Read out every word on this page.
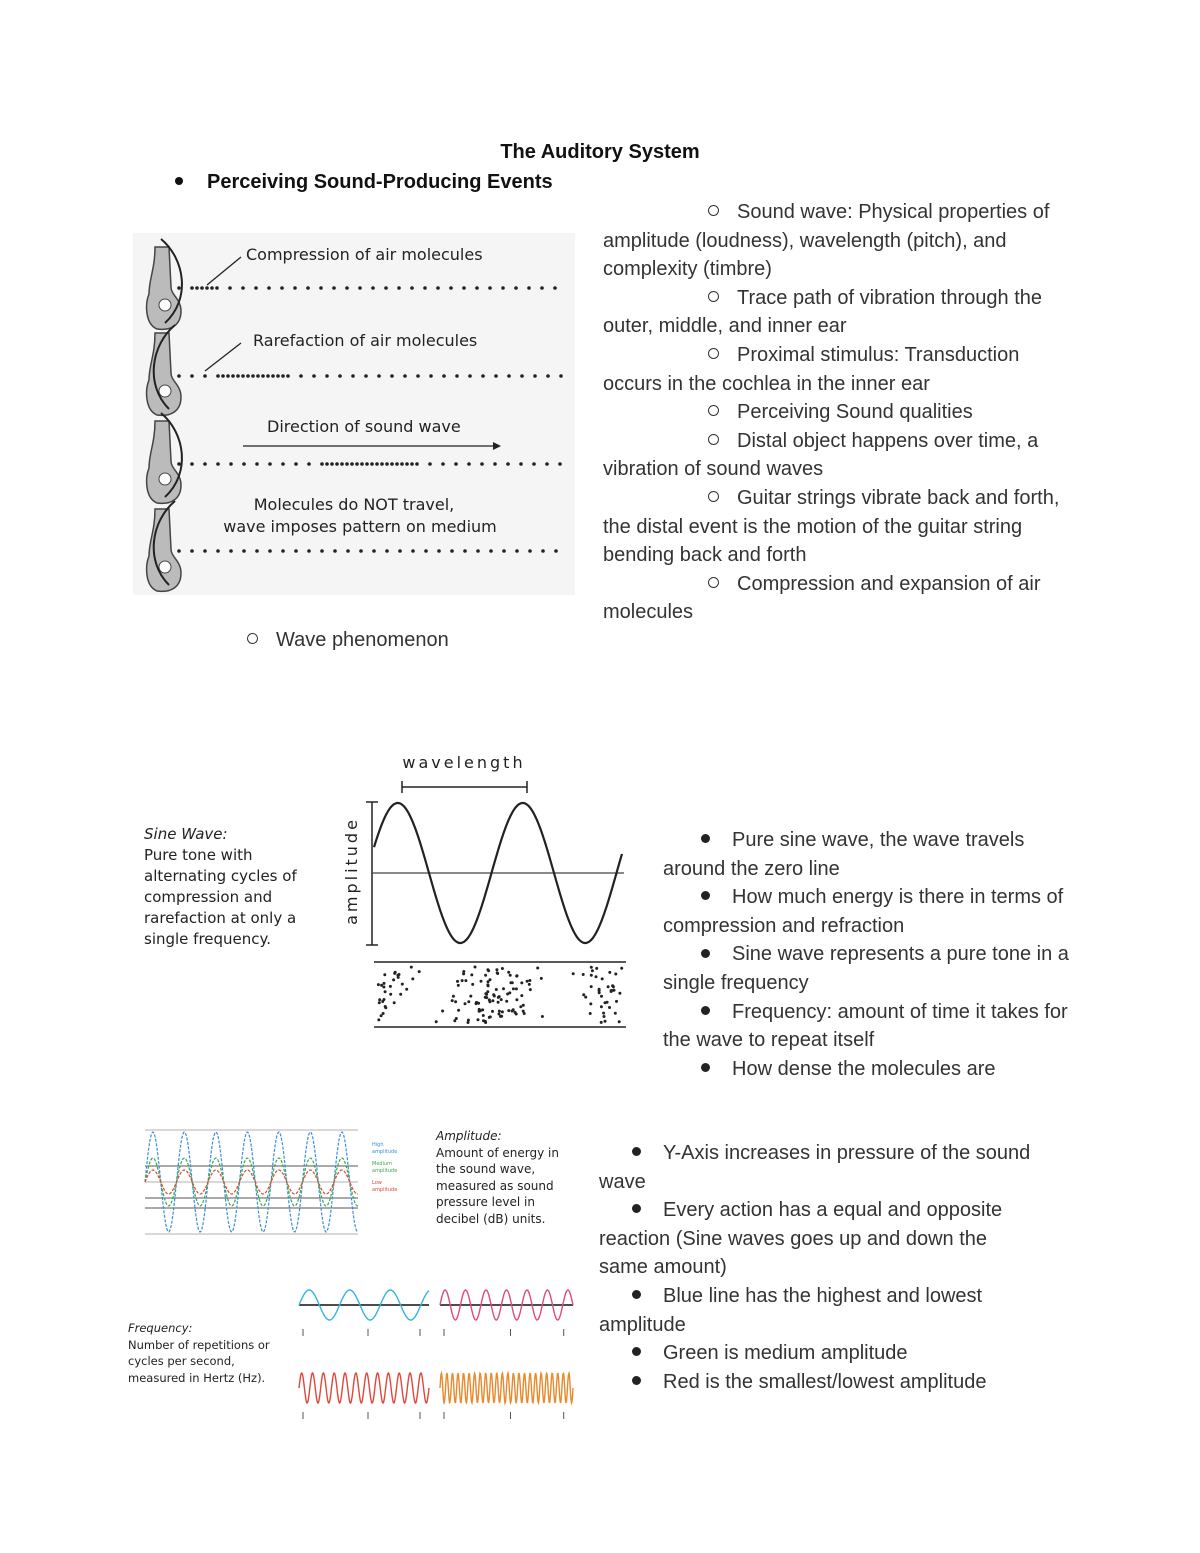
The Auditory System
Perceiving Sound-Producing Events
Compression of air molecules
Rarefaction of air molecules
Direction of sound wave
Molecules do NOT travel,
wave imposes pattern on medium
Sound wave: Physical properties of amplitude (loudness), wavelength (pitch), and complexity (timbre)
Trace path of vibration through the outer, middle, and inner ear
Proximal stimulus: Transduction occurs in the cochlea in the inner ear
Perceiving Sound qualities
Distal object happens over time, a vibration of sound waves
Guitar strings vibrate back and forth, the distal event is the motion of the guitar string bending back and forth
Compression and expansion of air molecules
Wave phenomenon
Sine Wave:
Pure tone with
alternating cycles of
compression and
rarefaction at only a
single frequency.
wavelength
amplitude	Pure sine wave, the wave travels around the zero line
How much energy is there in terms of compression and refraction
Sine wave represents a pure tone in a single frequency
Frequency: amount of time it takes for the wave to repeat itself
How dense the molecules are
High amplitude
Medium amplitude
Low amplitude
Amplitude:
Amount of energy in
the sound wave,
measured as sound
pressure level in
decibel (dB) units.
Frequency:
Number of repetitions or
cycles per second,
measured in Hertz (Hz).
Y-Axis increases in pressure of the sound wave
Every action has a equal and opposite reaction (Sine waves goes up and down the same amount)
Blue line has the highest and lowest amplitude
Green is medium amplitude
Red is the smallest/lowest amplitude
